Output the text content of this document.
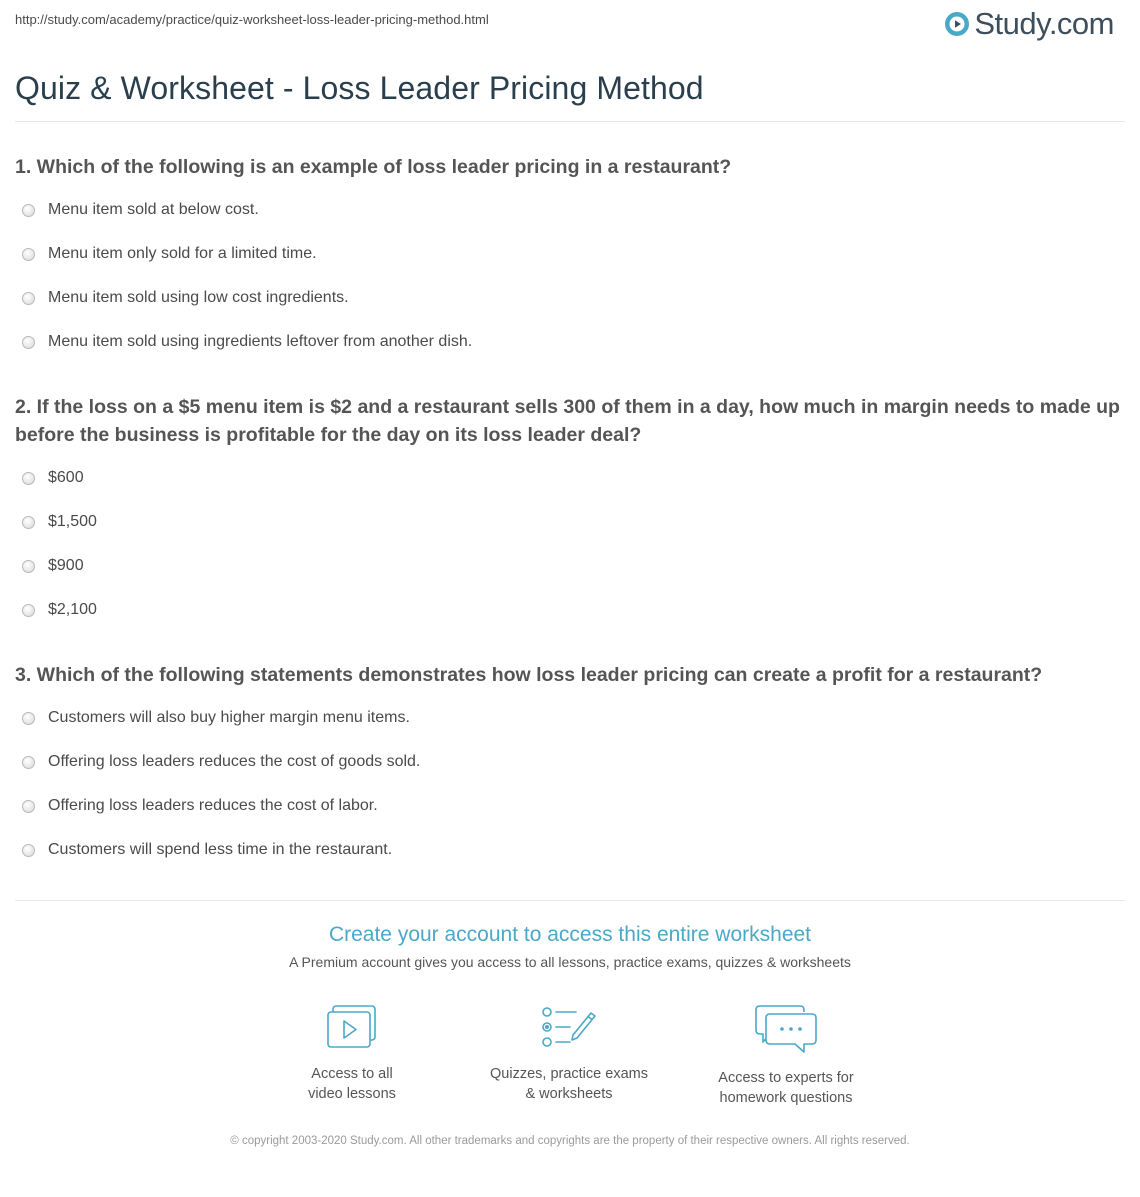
http://study.com/academy/practice/quiz-worksheet-loss-leader-pricing-method.html	Study.com
Quiz & Worksheet - Loss Leader Pricing Method

1. Which of the following is an example of loss leader pricing in a restaurant?

Menu item sold at below cost.
Menu item only sold for a limited time.
Menu item sold using low cost ingredients.
Menu item sold using ingredients leftover from another dish.

2. If the loss on a $5 menu item is $2 and a restaurant sells 300 of them in a day, how much in margin needs to made up before the business is profitable for the day on its loss leader deal?

$600
$1,500
$900
$2,100

3. Which of the following statements demonstrates how loss leader pricing can create a profit for a restaurant?

Customers will also buy higher margin menu items.
Offering loss leaders reduces the cost of goods sold.
Offering loss leaders reduces the cost of labor.
Customers will spend less time in the restaurant.
Create your account to access this entire worksheet
A Premium account gives you access to all lessons, practice exams, quizzes & worksheets
Access to all
video lessons
Quizzes, practice exams
& worksheets
Access to experts for
homework questions
© copyright 2003-2020 Study.com. All other trademarks and copyrights are the property of their respective owners. All rights reserved.
